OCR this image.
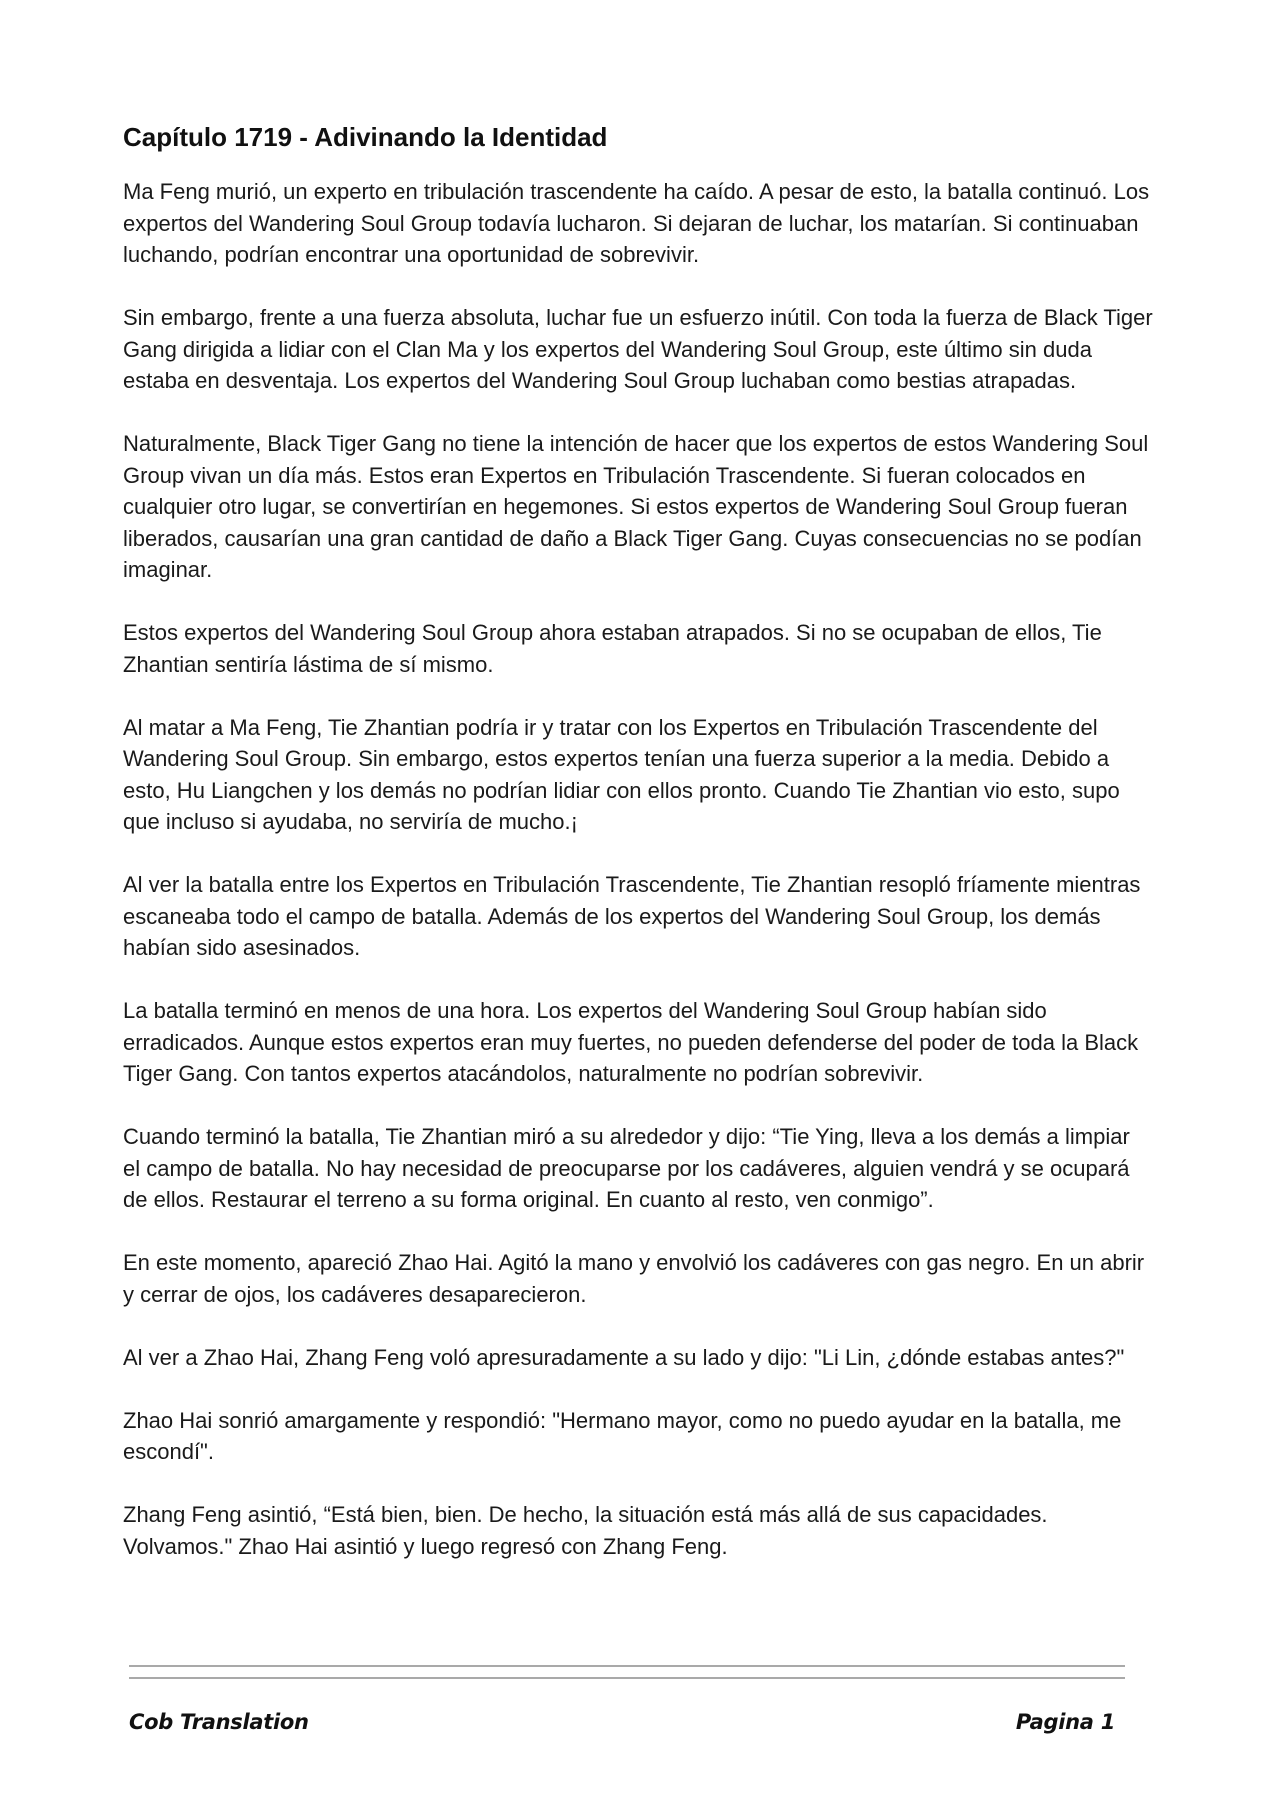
Capítulo 1719 - Adivinando la Identidad

Ma Feng murió, un experto en tribulación trascendente ha caído. A pesar de esto, la batalla continuó. Los expertos del Wandering Soul Group todavía lucharon. Si dejaran de luchar, los matarían. Si continuaban luchando, podrían encontrar una oportunidad de sobrevivir.

Sin embargo, frente a una fuerza absoluta, luchar fue un esfuerzo inútil. Con toda la fuerza de Black Tiger Gang dirigida a lidiar con el Clan Ma y los expertos del Wandering Soul Group, este último sin duda estaba en desventaja. Los expertos del Wandering Soul Group luchaban como bestias atrapadas.

Naturalmente, Black Tiger Gang no tiene la intención de hacer que los expertos de estos Wandering Soul Group vivan un día más. Estos eran Expertos en Tribulación Trascendente. Si fueran colocados en cualquier otro lugar, se convertirían en hegemones. Si estos expertos de Wandering Soul Group fueran liberados, causarían una gran cantidad de daño a Black Tiger Gang. Cuyas consecuencias no se podían imaginar.

Estos expertos del Wandering Soul Group ahora estaban atrapados. Si no se ocupaban de ellos, Tie Zhantian sentiría lástima de sí mismo.

Al matar a Ma Feng, Tie Zhantian podría ir y tratar con los Expertos en Tribulación Trascendente del Wandering Soul Group. Sin embargo, estos expertos tenían una fuerza superior a la media. Debido a esto, Hu Liangchen y los demás no podrían lidiar con ellos pronto. Cuando Tie Zhantian vio esto, supo que incluso si ayudaba, no serviría de mucho.¡

Al ver la batalla entre los Expertos en Tribulación Trascendente, Tie Zhantian resopló fríamente mientras escaneaba todo el campo de batalla. Además de los expertos del Wandering Soul Group, los demás habían sido asesinados.

La batalla terminó en menos de una hora. Los expertos del Wandering Soul Group habían sido erradicados. Aunque estos expertos eran muy fuertes, no pueden defenderse del poder de toda la Black Tiger Gang. Con tantos expertos atacándolos, naturalmente no podrían sobrevivir.

Cuando terminó la batalla, Tie Zhantian miró a su alrededor y dijo: “Tie Ying, lleva a los demás a limpiar el campo de batalla. No hay necesidad de preocuparse por los cadáveres, alguien vendrá y se ocupará de ellos. Restaurar el terreno a su forma original. En cuanto al resto, ven conmigo”.

En este momento, apareció Zhao Hai. Agitó la mano y envolvió los cadáveres con gas negro. En un abrir y cerrar de ojos, los cadáveres desaparecieron.

Al ver a Zhao Hai, Zhang Feng voló apresuradamente a su lado y dijo: "Li Lin, ¿dónde estabas antes?"

Zhao Hai sonrió amargamente y respondió: "Hermano mayor, como no puedo ayudar en la batalla, me escondí".

Zhang Feng asintió, “Está bien, bien. De hecho, la situación está más allá de sus capacidades. Volvamos." Zhao Hai asintió y luego regresó con Zhang Feng.

Cob Translation	Pagina 1
